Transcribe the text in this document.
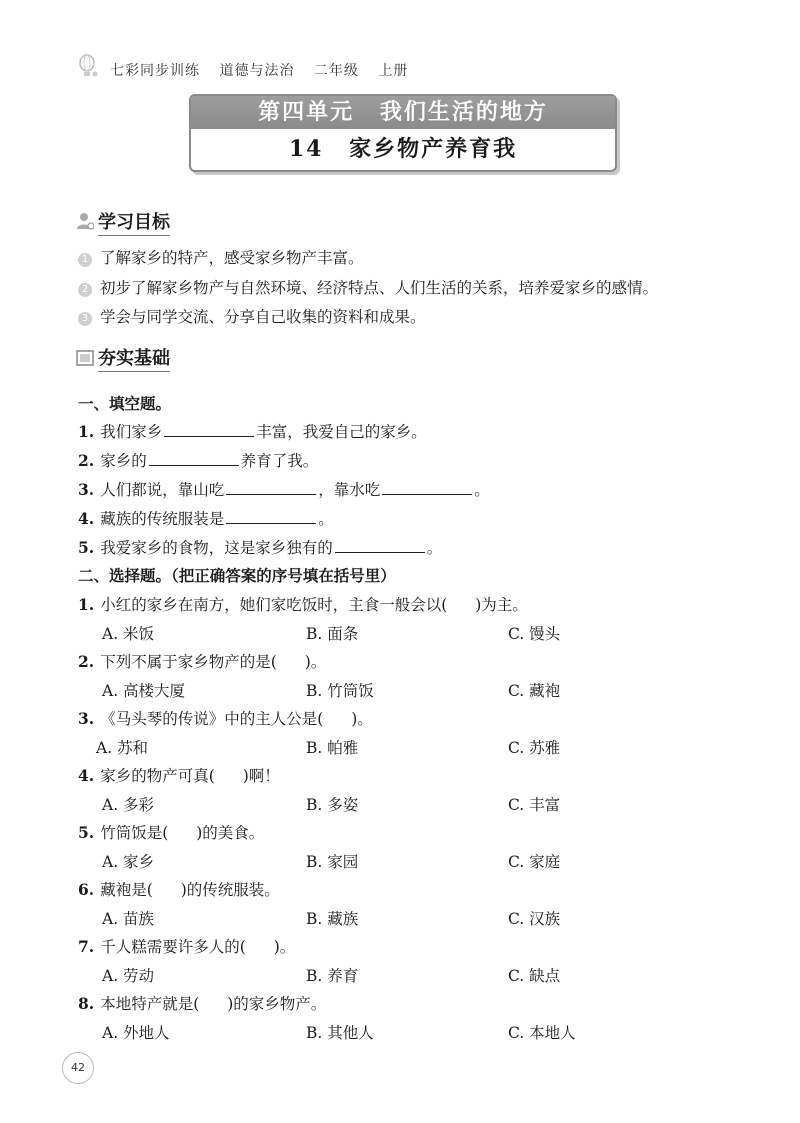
七彩同步训练 道德与法治 二年级 上册
第四单元 我们生活的地方
14 家乡物产养育我
学习目标
1 了解家乡的特产，感受家乡物产丰富。
2 初步了解家乡物产与自然环境、经济特点、人们生活的关系，培养爱家乡的感情。
3 学会与同学交流、分享自己收集的资料和成果。
夯实基础
一、填空题。
1. 我们家乡	丰富，我爱自己的家乡。
2. 家乡的	养育了我。
3. 人们都说，靠山吃	，靠水吃	。
4. 藏族的传统服装是	。
5. 我爱家乡的食物，这是家乡独有的	。
二、选择题。（把正确答案的序号填在括号里）
1. 小红的家乡在南方，她们家吃饭时，主食一般会以( )为主。
A. 米饭	B. 面条	C. 馒头
2. 下列不属于家乡物产的是( )。
A. 高楼大厦	B. 竹筒饭	C. 藏袍
3. 《马头琴的传说》中的主人公是( )。
A. 苏和	B. 帕雅	C. 苏雅
4. 家乡的物产可真( )啊！
A. 多彩	B. 多姿	C. 丰富
5. 竹筒饭是( )的美食。
A. 家乡	B. 家园	C. 家庭
6. 藏袍是( )的传统服装。
A. 苗族	B. 藏族	C. 汉族
7. 千人糕需要许多人的( )。
A. 劳动	B. 养育	C. 缺点
8. 本地特产就是( )的家乡物产。
A. 外地人	B. 其他人	C. 本地人
42
